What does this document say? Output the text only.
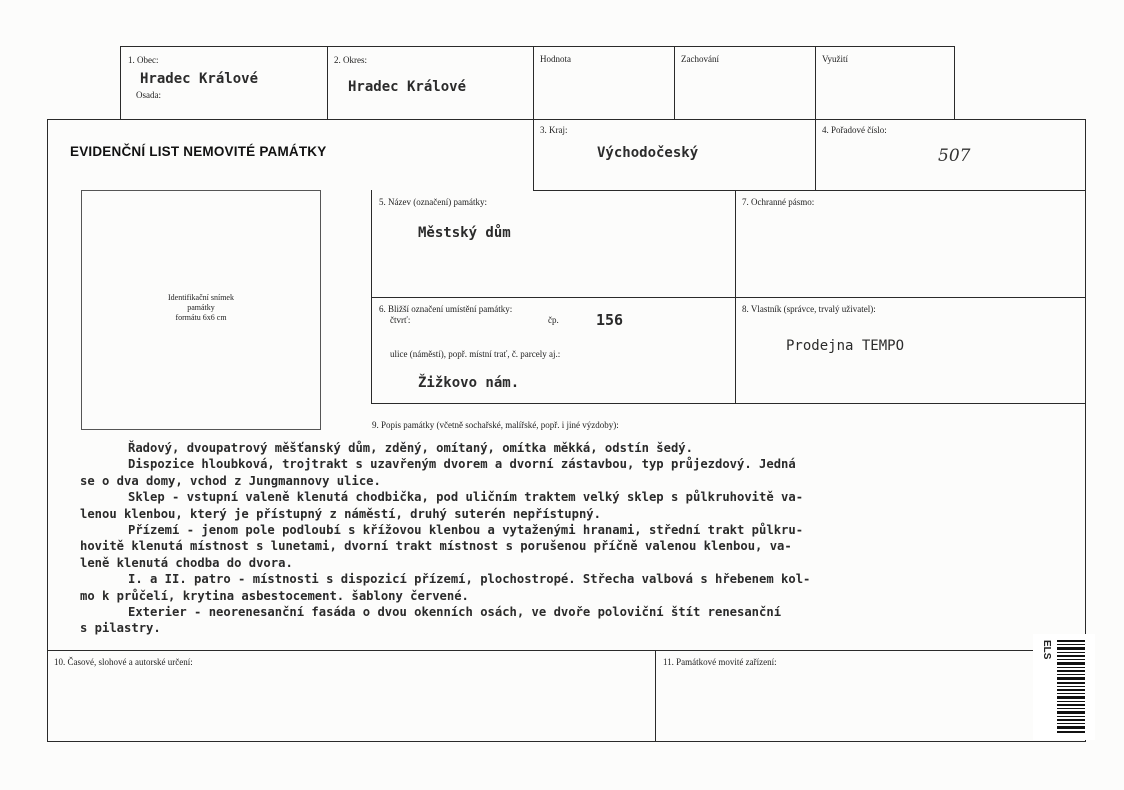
1. Obec:
Hradec Králové
Osada:
2. Okres:
Hradec Králové
Hodnota	Zachování	Využití
EVIDENČNÍ LIST NEMOVITÉ PAMÁTKY
3. Kraj:
Východočeský
4. Pořadové číslo:
507
Identifikační snímek
památky
formátu 6x6 cm
5. Název (označení) památky:
Městský dům
7. Ochranné pásmo:
6. Bližší označení umístění památky:
čtvrť:	čp. 156
ulice (náměstí), popř. místní trať, č. parcely aj.:
Žižkovo nám.
8. Vlastník (správce, trvalý uživatel):
Prodejna TEMPO
9. Popis památky (včetně sochařské, malířské, popř. i jiné výzdoby):
Řadový, dvoupatrový měšťanský dům, zděný, omítaný, omítka měkká, odstín šedý.
Dispozice hloubková, trojtrakt s uzavřeným dvorem a dvorní zástavbou, typ průjezdový. Jedná
se o dva domy, vchod z Jungmannovy ulice.
Sklep - vstupní valeně klenutá chodbička, pod uličním traktem velký sklep s půlkruhovitě va-
lenou klenbou, který je přístupný z náměstí, druhý suterén nepřístupný.
Přízemí - jenom pole podloubí s křížovou klenbou a vytaženými hranami, střední trakt půlkru-
hovitě klenutá místnost s lunetami, dvorní trakt místnost s porušenou příčně valenou klenbou, va-
leně klenutá chodba do dvora.
I. a II. patro - místnosti s dispozicí přízemí, plochostropé. Střecha valbová s hřebenem kol-
mo k průčelí, krytina asbestocement. šablony červené.
Exterier - neorenesanční fasáda o dvou okenních osách, ve dvoře poloviční štít renesanční
s pilastry.
10. Časové, slohové a autorské určení:	11. Památkové movité zařízení:
ELS
